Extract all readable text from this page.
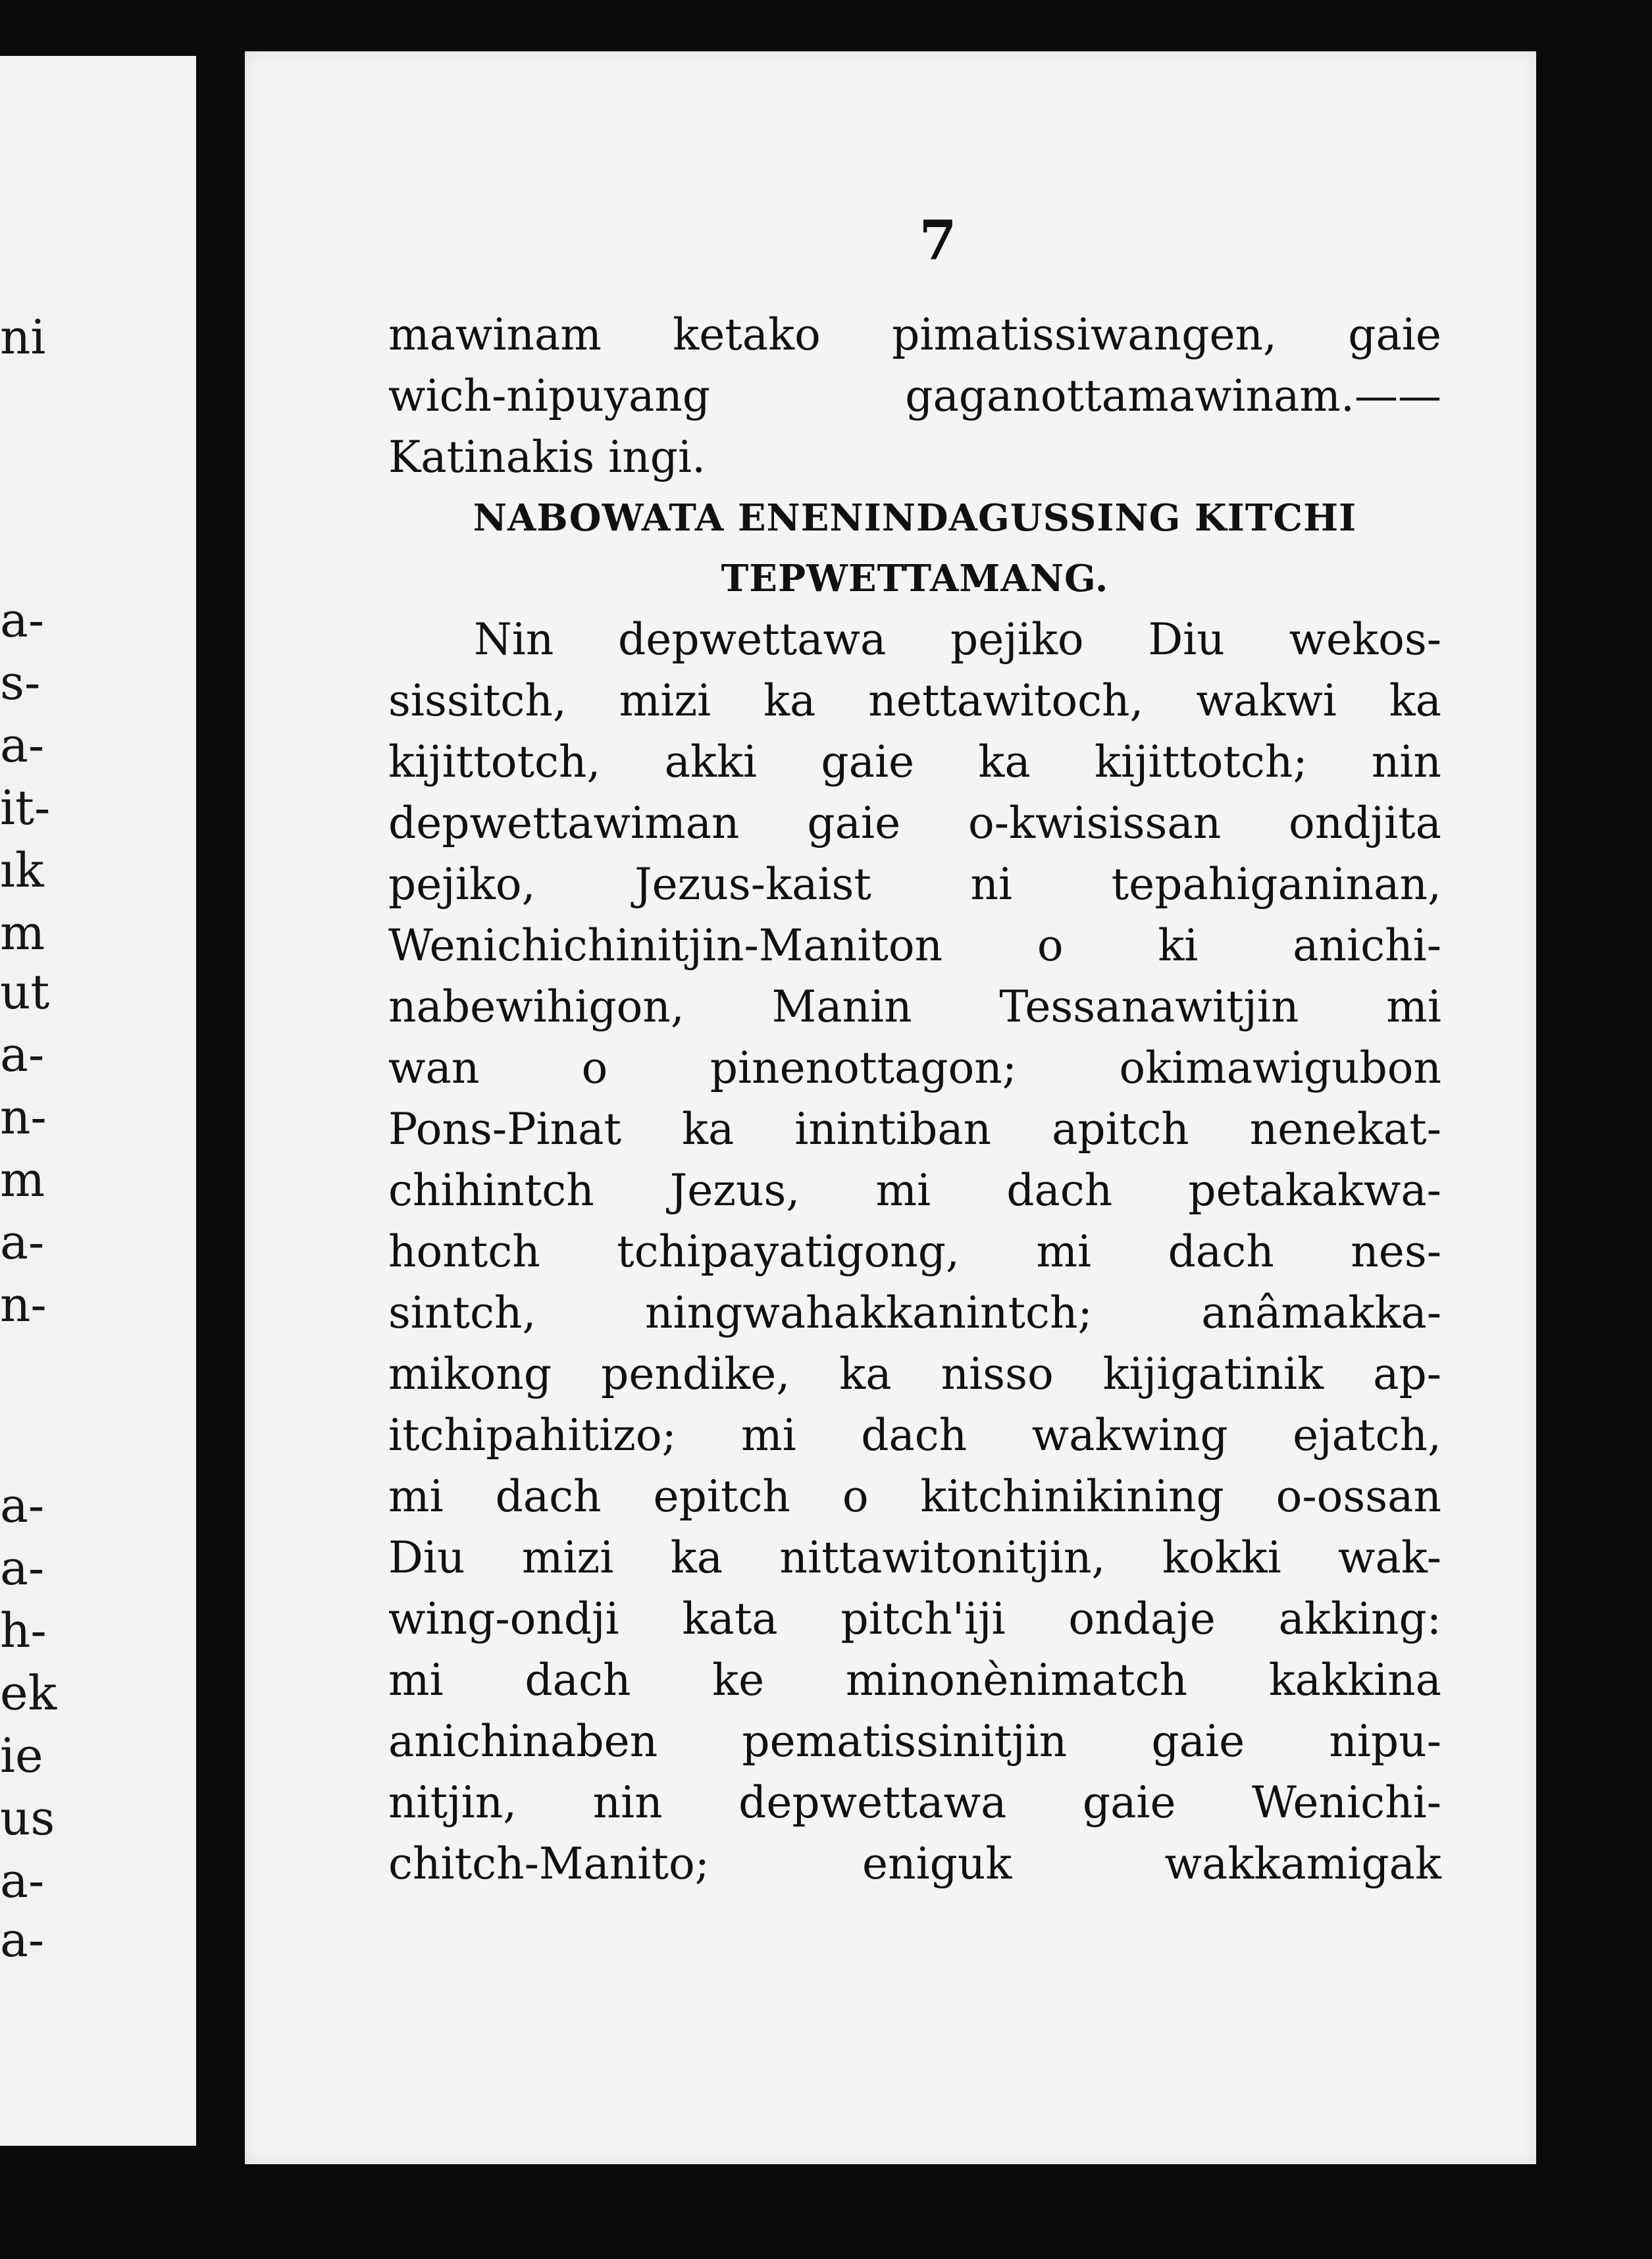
ni
a-
s-
a-
it-
ık
m
ut
a-
n-
m
a-
n-
a-
a-
h-
ek
ie
us
a-
a-
7
mawinam ketako pimatissiwangen, gaie
wich-nipuyang gaganottamawinam.——
Katinakis ingi.
NABOWATA ENENINDAGUSSING KITCHI
TEPWETTAMANG.
Nin depwettawa pejiko Diu wekos-
sissitch, mizi ka nettawitoch, wakwi ka
kijittotch, akki gaie ka kijittotch; nin
depwettawiman gaie o-kwisissan ondjita
pejiko, Jezus-kaist ni tepahiganinan,
Wenichichinitjin-Maniton o ki anichi-
nabewihigon, Manin Tessanawitjin mi
wan o pinenottagon; okimawigubon
Pons-Pinat ka inintiban apitch nenekat-
chihintch Jezus, mi dach petakakwa-
hontch tchipayatigong, mi dach nes-
sintch, ningwahakkanintch; anâmakka-
mikong pendike, ka nisso kijigatinik ap-
itchipahitizo; mi dach wakwing ejatch,
mi dach epitch o kitchinikining o-ossan
Diu mizi ka nittawitonitjin, kokki wak-
wing-ondji kata pitch'iji ondaje akking:
mi dach ke minonènimatch kakkina
anichinaben pematissinitjin gaie nipu-
nitjin, nin depwettawa gaie Wenichi-
chitch-Manito; eniguk wakkamigak
